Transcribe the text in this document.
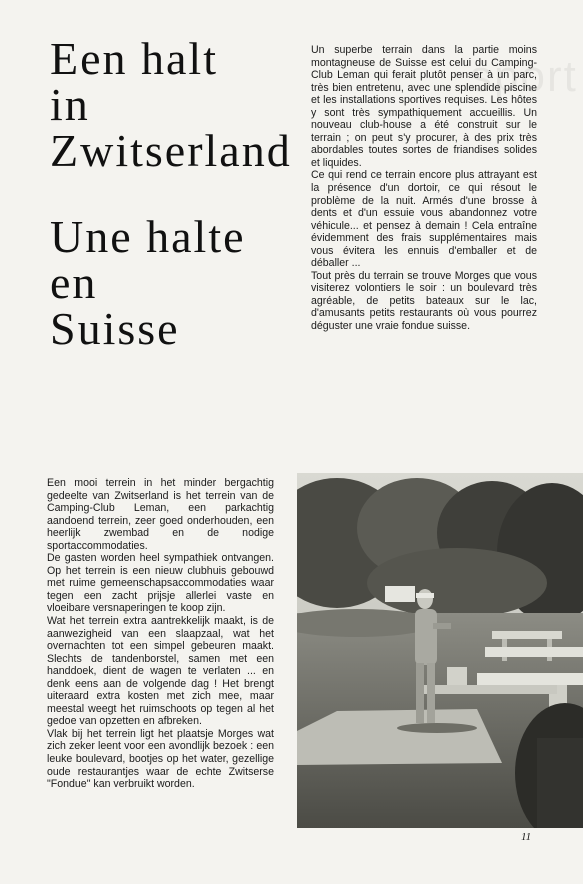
sport
Een halt
in
Zwitserland
Une halte
en
Suisse

Un superbe terrain dans la partie moins montagneuse de Suisse est celui du Camping-Club Leman qui ferait plutôt penser à un parc, très bien entretenu, avec une splendide piscine et les installations sportives requises. Les hôtes y sont très sympathiquement accueillis. Un nouveau club-house a été construit sur le terrain ; on peut s'y procurer, à des prix très abordables toutes sortes de friandises solides et liquides.

Ce qui rend ce terrain encore plus attrayant est la présence d'un dortoir, ce qui résout le problème de la nuit. Armés d'une brosse à dents et d'un essuie vous abandonnez votre véhicule... et pensez à demain ! Cela entraîne évidemment des frais supplémentaires mais vous évitera les ennuis d'emballer et de déballer ...

Tout près du terrain se trouve Morges que vous visiterez volontiers le soir : un boulevard très agréable, de petits bateaux sur le lac, d'amusants petits restaurants où vous pourrez déguster une vraie fondue suisse.

Een mooi terrein in het minder bergachtig gedeelte van Zwitserland is het terrein van de Camping-Club Leman, een parkachtig aandoend terrein, zeer goed onderhouden, een heerlijk zwembad en de nodige sportaccommodaties.

De gasten worden heel sympathiek ontvangen. Op het terrein is een nieuw clubhuis gebouwd met ruime gemeenschapsaccommodaties waar tegen een zacht prijsje allerlei vaste en vloeibare versnaperingen te koop zijn.

Wat het terrein extra aantrekkelijk maakt, is de aanwezigheid van een slaapzaal, wat het overnachten tot een simpel gebeuren maakt. Slechts de tandenborstel, samen met een handdoek, dient de wagen te verlaten ... en denk eens aan de volgende dag ! Het brengt uiteraard extra kosten met zich mee, maar meestal weegt het ruimschoots op tegen al het gedoe van opzetten en afbreken.

Vlak bij het terrein ligt het plaatsje Morges wat zich zeker leent voor een avondlijk bezoek : een leuke boulevard, bootjes op het water, gezellige oude restaurantjes waar de echte Zwitserse "Fondue" kan verbruikt worden.

11
